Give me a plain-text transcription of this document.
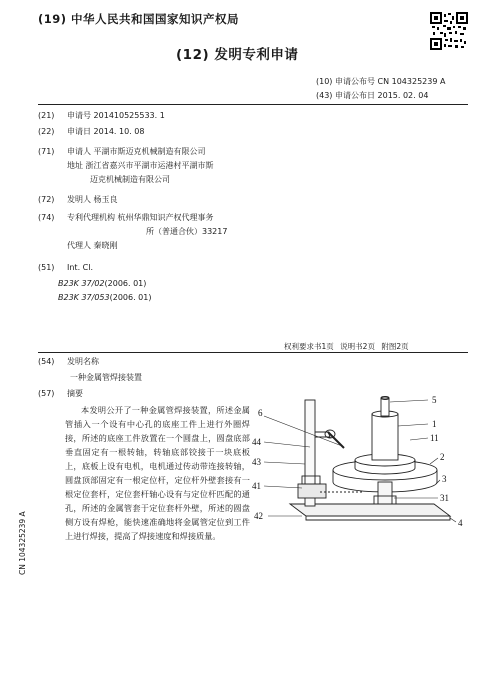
(19) 中华人民共和国国家知识产权局
(12) 发明专利申请
(10) 申请公布号 CN 104325239 A
(43) 申请公布日 2015. 02. 04
(21) 申请号 201410525533. 1
(22) 申请日 2014. 10. 08
(71) 申请人 平湖市斯迈克机械制造有限公司
地址 浙江省嘉兴市平湖市运港村平湖市斯
迈克机械制造有限公司
(72) 发明人 杨玉良
(74) 专利代理机构 杭州华鼎知识产权代理事务
所（普通合伙）33217
代理人 秦晓刚
(51) Int. Cl.
B23K 37/02(2006. 01)
B23K 37/053(2006. 01)
权利要求书1页 说明书2页 附图2页
(54) 发明名称
一种金属管焊接装置
(57) 摘要
本发明公开了一种金属管焊接装置，所述金属管插入一个设有中心孔的底座工件上进行外圈焊接，所述的底座工件放置在一个圆盘上，圆盘底部垂直固定有一根转轴，转轴底部铰接于一块底板上，底板上设有电机，电机通过传动带连接转轴，圆盘顶部固定有一根定位杆，定位杆外壁套接有一根定位套杆，定位套杆轴心设有与定位杆匹配的通孔，所述的金属管套于定位套杆外壁，所述的圆盘侧方设有焊枪，能快速准确地将金属管定位到工件上进行焊接，提高了焊接速度和焊接质量。
5
6
1
44	11
2
43
3
41
31
42
4
CN 104325239 A
